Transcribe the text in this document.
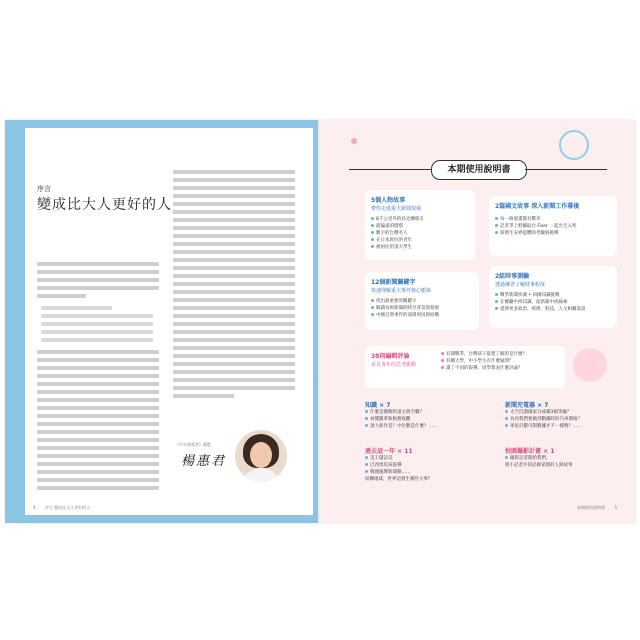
序言
變成比大人更好的人
《少年報導者》總監
楊惠君
4 序言 變成比大人更好的人
本期使用說明書
5個人物故事
帶你走進重大新聞現場
8千公里外的烏克蘭朋友
最偏遠的燈塔
數字的台灣名人
在日本唐拉的青年
被困住的頂大學生
2篇國文故事 深入新聞工作幕後
每一格漫畫都有驚奇
記者爭上野攝取台 Fiser 一起出生入死
探照生安界提體的考驗與挑戰
2組時事測驗
透過練習了解時事程度
戰爭新聞快測 • 回國知識挑戰
在餐廳中找知識，從新聞中找線索
延伸更多政治、經濟、科技、人文相關資訊
12個新聞關鍵字
快速理解重大事件核心脈絡
找出最重要的關鍵字
解讀每則新聞的時空背景與發展
中國自然事件的深層原因與結構
38則編輯評論
看見青年的思考脈動
有開戰爭，台灣孩子最想了解的是什麼？
有關大學，中小學生有什麼疑問？
讀了不同的報導，同學想表什麼評論？
知識 × 7
什麼是搬動的頂主與空襲？
看懂羅革和稅務收觀
頂大新作是？中位數是什麼？……
新聞充電器 × 7
太空沉淵國家分成哪3個等級？
為何我們要做到數據時的汽車價格？
軍星計劃可制數據才不一樣嗎？……
過去這一年 × 11
美王儲訪美
巴西黑坑抹報導
韓國風聲新聞動……
結構地球，世界這發生哪些大事？
校園攝影計畫 × 1
攝影記者開給我們，
與小記者共同記錄家園的人與故事
本期使用說明書 5
